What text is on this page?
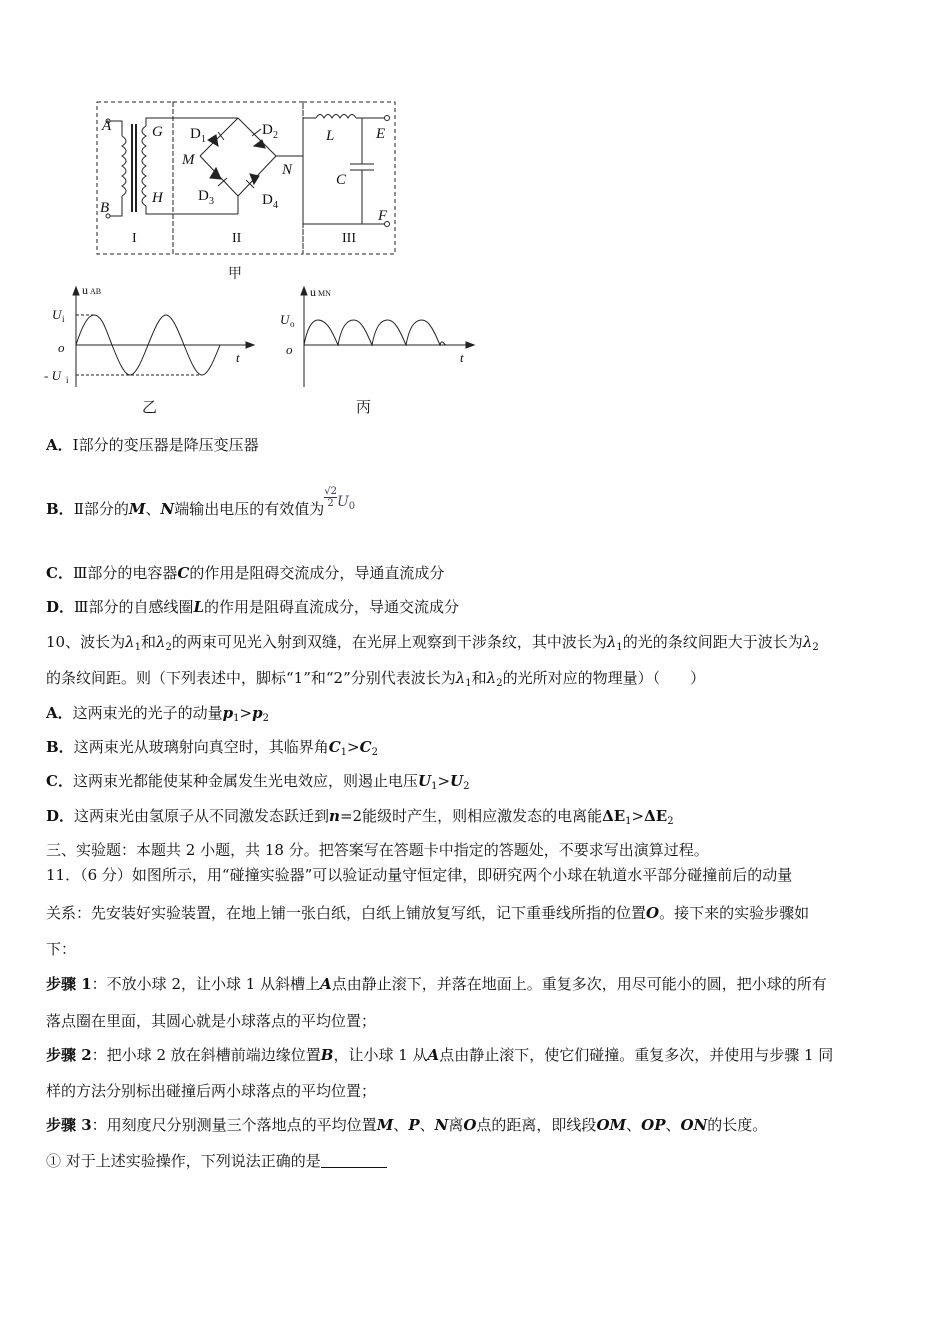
A
B
G
H
D 1
D 2
D 3	D 4
M
N
L
C
E
F
I	II	III
甲
u AB
U i
o
- U i
t
乙
u MN
U o
o
t
丙
A．Ⅰ部分的变压器是降压变压器
B．Ⅱ部分的M、N端输出电压的有效值为 $\frac{√2}{2} U^0$
C．Ⅲ部分的电容器C的作用是阻碍交流成分，导通直流成分
D．Ⅲ部分的自感线圈L的作用是阻碍直流成分，导通交流成分
10、波长为$\lambda_1$和$\lambda_2$的两束可见光入射到双缝，在光屏上观察到干涉条纹，其中波长为$\lambda_1$的光的条纹间距大于波长为$\lambda_2$
的条纹间距。则（下列表述中，脚标“1”和“2”分别代表波长为$\lambda_1$和$\lambda_2$的光所对应的物理量）（　　）
A．这两束光的光子的动量$p_1>p_2$
B．这两束光从玻璃射向真空时，其临界角$C_1>C_2$
C．这两束光都能使某种金属发生光电效应，则遏止电压$U_1>U_2$
D．这两束光由氢原子从不同激发态跃迁到n=2能级时产生，则相应激发态的电离能$\Delta E_1>\Delta E_2$
三、实验题：本题共 2 小题，共 18 分。把答案写在答题卡中指定的答题处，不要求写出演算过程。
11．（6 分）如图所示，用“碰撞实验器”可以验证动量守恒定律，即研究两个小球在轨道水平部分碰撞前后的动量
关系：先安装好实验装置，在地上铺一张白纸，白纸上铺放复写纸，记下重垂线所指的位置O。接下来的实验步骤如
下：
步骤 1：不放小球 2，让小球 1 从斜槽上A点由静止滚下，并落在地面上。重复多次，用尽可能小的圆，把小球的所有
落点圈在里面，其圆心就是小球落点的平均位置；
步骤 2：把小球 2 放在斜槽前端边缘位置B，让小球 1 从A点由静止滚下，使它们碰撞。重复多次，并使用与步骤 1 同
样的方法分别标出碰撞后两小球落点的平均位置；
步骤 3：用刻度尺分别测量三个落地点的平均位置M、P、N离O点的距离，即线段OM、OP、ON的长度。
① 对于上述实验操作，下列说法正确的是
